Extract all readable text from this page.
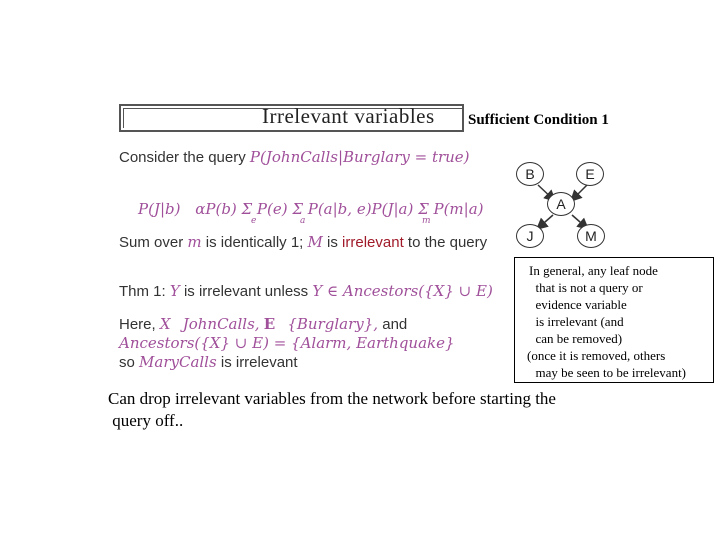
Irrelevant variables Sufficient Condition 1
Consider the query P(JohnCalls|Burglary = true)
P(J|b) αP(b) Σ P(e) Σ P(a|b, e)P(J|a) Σ P(m|a)
e	a	m
Sum over m is identically 1; M is irrelevant to the query
Thm 1: Y is irrelevant unless Y ∈ Ancestors({X} ∪ E)
Here, X JohnCalls, E {Burglary}, and
Ancestors({X} ∪ E) = {Alarm, Earthquake}
so MaryCalls is irrelevant
B	E
A
J	M
In general, any leaf node
that is not a query or
evidence variable
is irrelevant (and
can be removed)
(once it is removed, others
may be seen to be irrelevant)
Can drop irrelevant variables from the network before starting the
query off..
